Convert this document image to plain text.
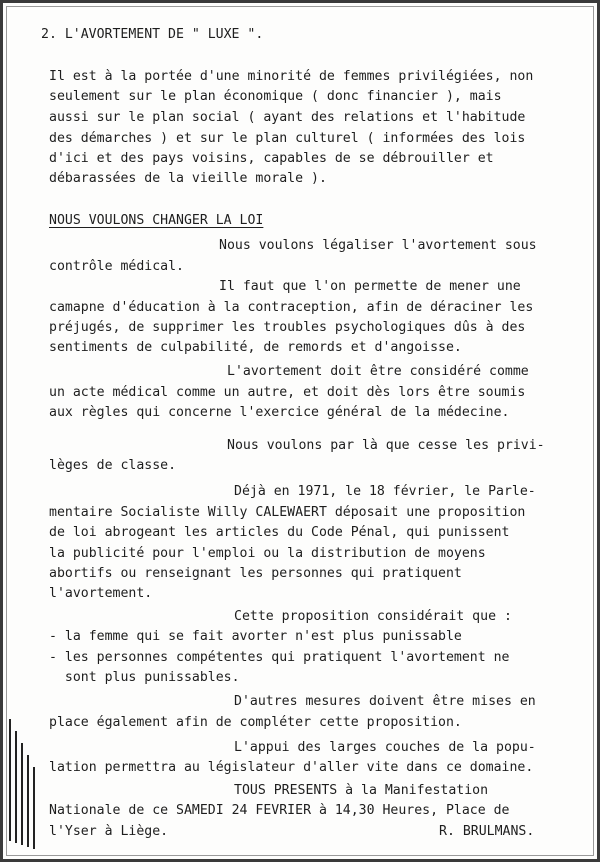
2. L'AVORTEMENT DE " LUXE ".
Il est à la portée d'une minorité de femmes privilégiées, non
seulement sur le plan économique ( donc financier ), mais
aussi sur le plan social ( ayant des relations et l'habitude
des démarches ) et sur le plan culturel ( informées des lois
d'ici et des pays voisins, capables de se débrouiller et
débarassées de la vieille morale ).
NOUS VOULONS CHANGER LA LOI
Nous voulons légaliser l'avortement sous
contrôle médical.
Il faut que l'on permette de mener une
camapne d'éducation à la contraception, afin de déraciner les
préjugés, de supprimer les troubles psychologiques dûs à des
sentiments de culpabilité, de remords et d'angoisse.
L'avortement doit être considéré comme
un acte médical comme un autre, et doit dès lors être soumis
aux règles qui concerne l'exercice général de la médecine.
Nous voulons par là que cesse les privi-
lèges de classe.
Déjà en 1971, le 18 février, le Parle-
mentaire Socialiste Willy CALEWAERT déposait une proposition
de loi abrogeant les articles du Code Pénal, qui punissent
la publicité pour l'emploi ou la distribution de moyens
abortifs ou renseignant les personnes qui pratiquent
l'avortement.
Cette proposition considérait que :
- la femme qui se fait avorter n'est plus punissable
- les personnes compétentes qui pratiquent l'avortement ne
sont plus punissables.
D'autres mesures doivent être mises en
place également afin de compléter cette proposition.
L'appui des larges couches de la popu-
lation permettra au législateur d'aller vite dans ce domaine.
TOUS PRESENTS à la Manifestation
Nationale de ce SAMEDI 24 FEVRIER à 14,30 Heures, Place de
l'Yser à Liège.	R. BRULMANS.
